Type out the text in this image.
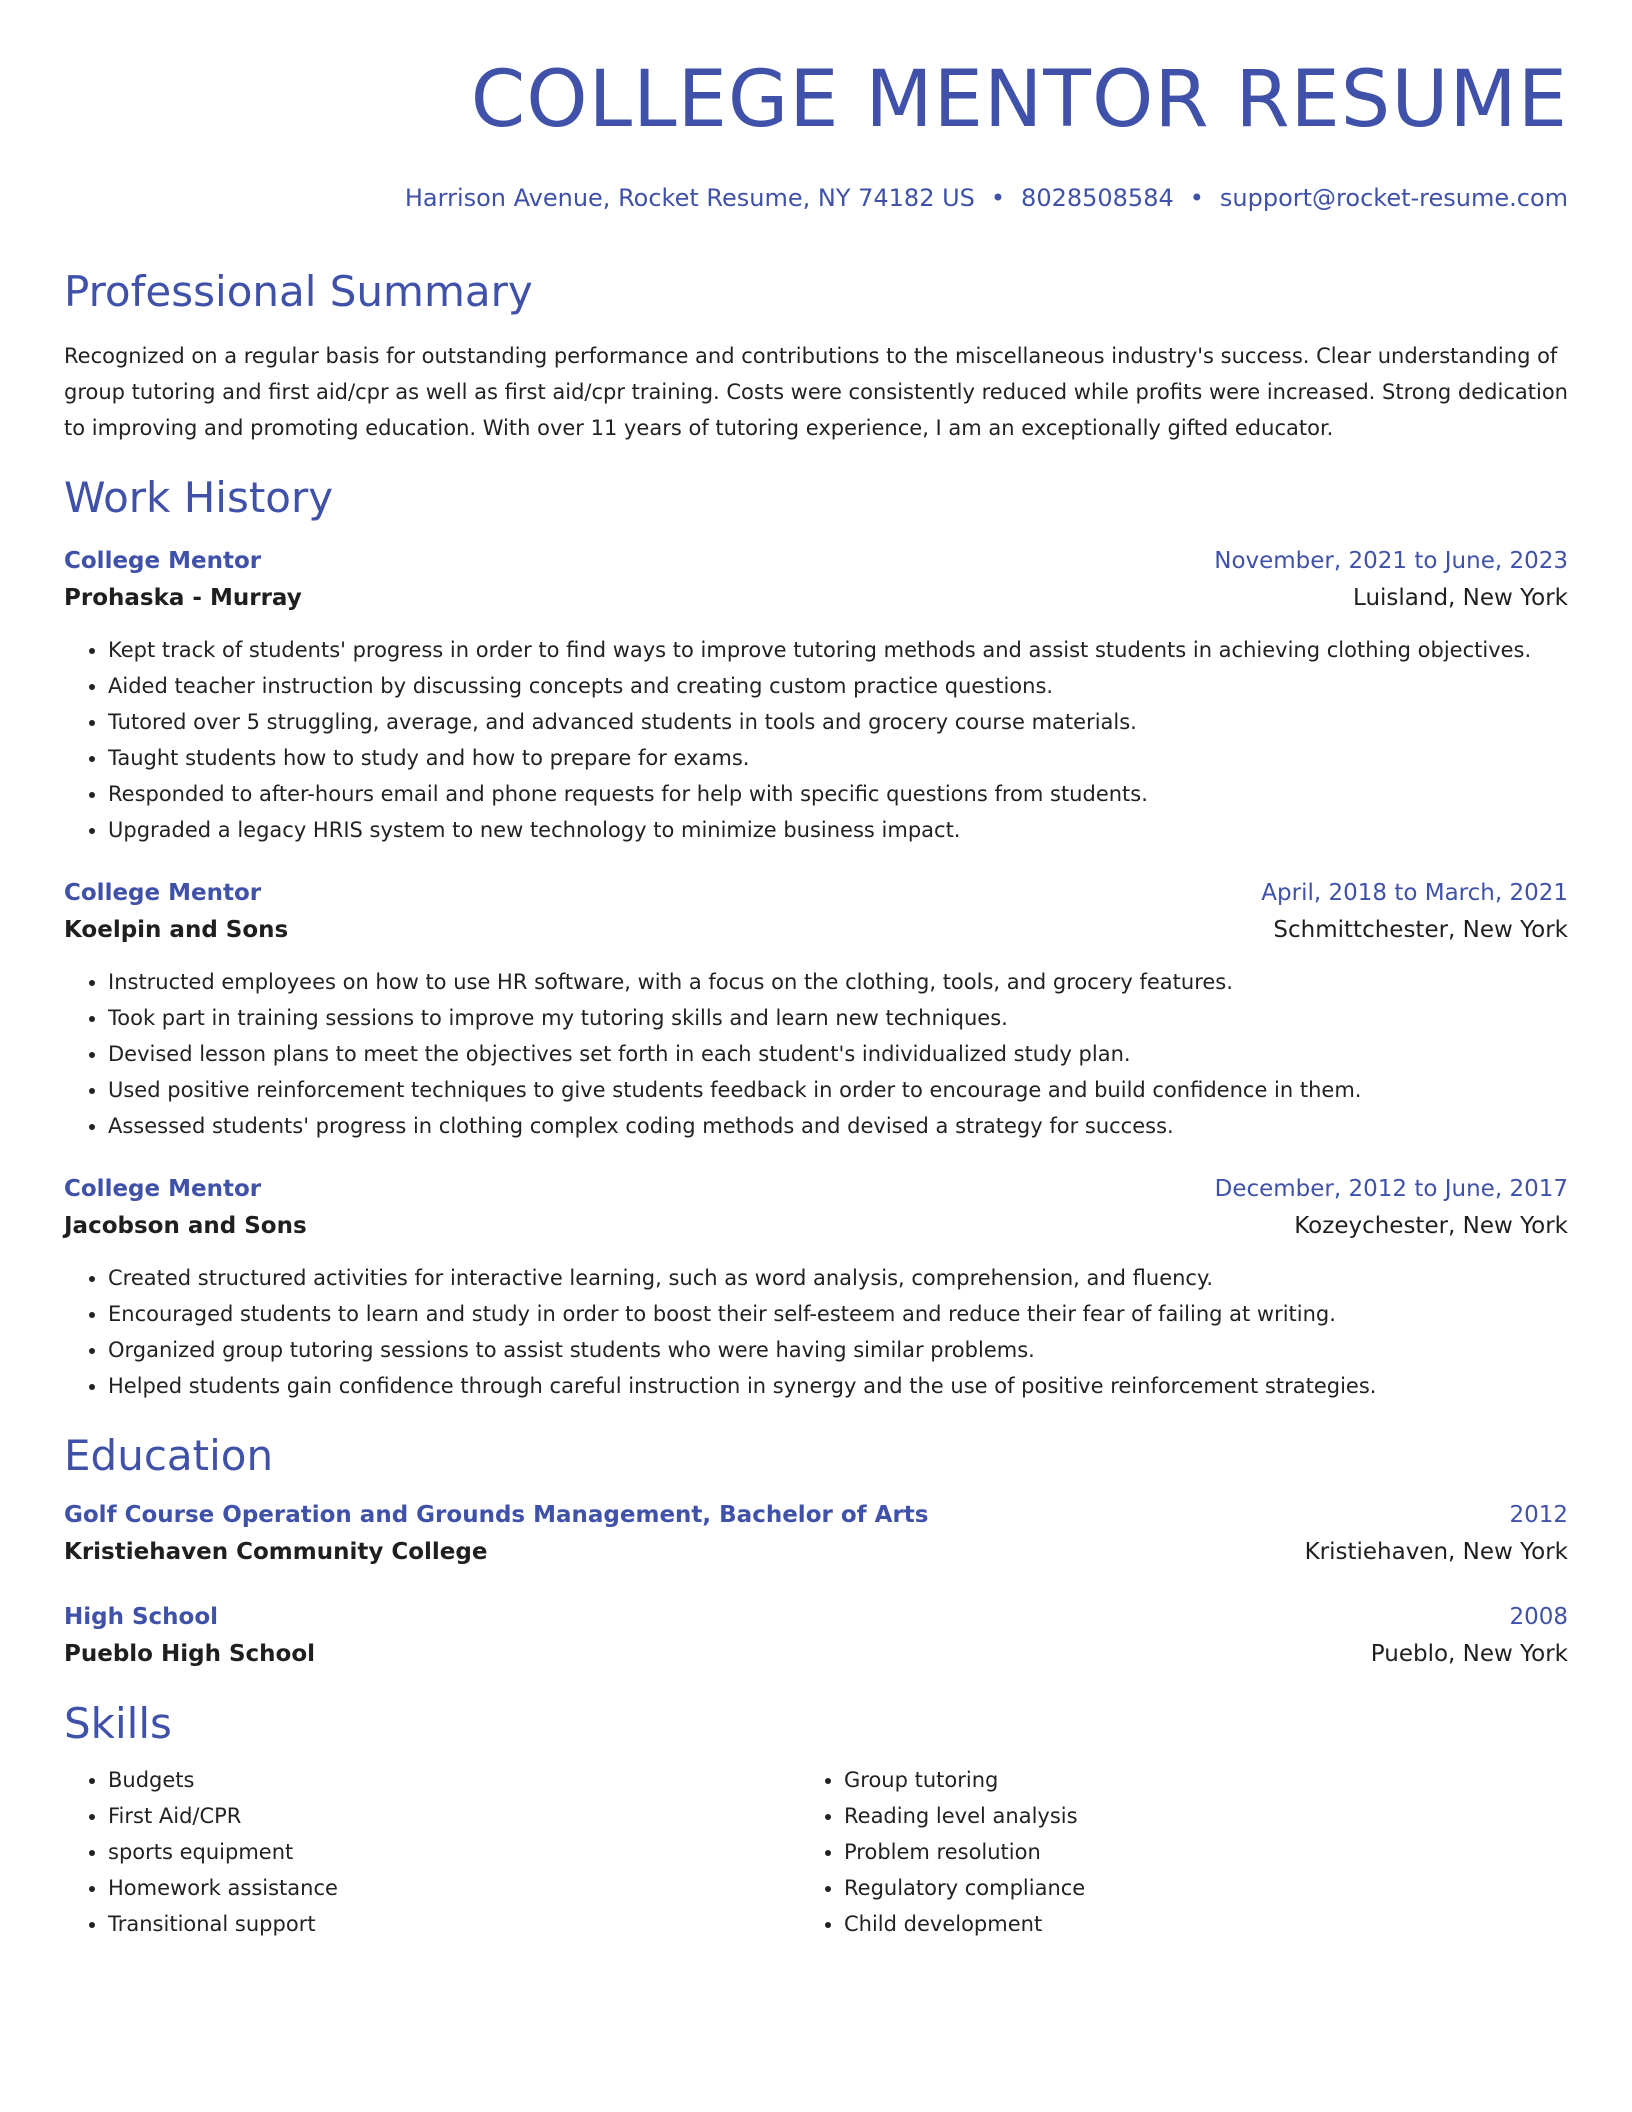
COLLEGE MENTOR RESUME
Harrison Avenue, Rocket Resume, NY 74182 US • 8028508584 • support@rocket-resume.com
Professional Summary
Recognized on a regular basis for outstanding performance and contributions to the miscellaneous industry's success. Clear understanding of group tutoring and first aid/cpr as well as first aid/cpr training. Costs were consistently reduced while profits were increased. Strong dedication to improving and promoting education. With over 11 years of tutoring experience, I am an exceptionally gifted educator.
Work History
College Mentor	November, 2021 to June, 2023
Prohaska - Murray	Luisland, New York
• Kept track of students' progress in order to find ways to improve tutoring methods and assist students in achieving clothing objectives.
• Aided teacher instruction by discussing concepts and creating custom practice questions.
• Tutored over 5 struggling, average, and advanced students in tools and grocery course materials.
• Taught students how to study and how to prepare for exams.
• Responded to after-hours email and phone requests for help with specific questions from students.
• Upgraded a legacy HRIS system to new technology to minimize business impact.
College Mentor	April, 2018 to March, 2021
Koelpin and Sons	Schmittchester, New York
• Instructed employees on how to use HR software, with a focus on the clothing, tools, and grocery features.
• Took part in training sessions to improve my tutoring skills and learn new techniques.
• Devised lesson plans to meet the objectives set forth in each student's individualized study plan.
• Used positive reinforcement techniques to give students feedback in order to encourage and build confidence in them.
• Assessed students' progress in clothing complex coding methods and devised a strategy for success.
College Mentor	December, 2012 to June, 2017
Jacobson and Sons	Kozeychester, New York
• Created structured activities for interactive learning, such as word analysis, comprehension, and fluency.
• Encouraged students to learn and study in order to boost their self-esteem and reduce their fear of failing at writing.
• Organized group tutoring sessions to assist students who were having similar problems.
• Helped students gain confidence through careful instruction in synergy and the use of positive reinforcement strategies.
Education
Golf Course Operation and Grounds Management, Bachelor of Arts	2012
Kristiehaven Community College	Kristiehaven, New York
High School	2008
Pueblo High School	Pueblo, New York
Skills
• Budgets
• First Aid/CPR
• sports equipment
• Homework assistance
• Transitional support
• Group tutoring
• Reading level analysis
• Problem resolution
• Regulatory compliance
• Child development
